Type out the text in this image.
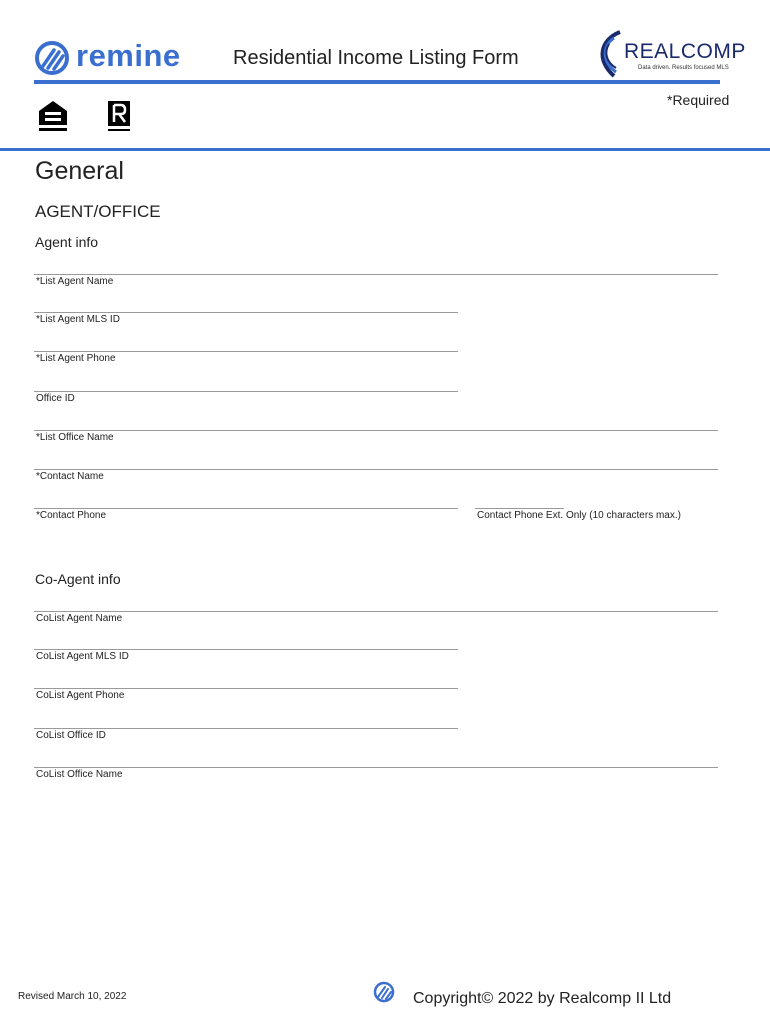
remine	Residential Income Listing Form	REALCOMP
Data driven. Results focused MLS
*Required
General
AGENT/OFFICE
Agent info
*List Agent Name
*List Agent MLS ID
*List Agent Phone
Office ID
*List Office Name
*Contact Name
*Contact Phone	Contact Phone Ext. Only (10 characters max.)
Co-Agent info
CoList Agent Name
CoList Agent MLS ID
CoList Agent Phone
CoList Office ID
CoList Office Name
Revised March 10, 2022	Copyright© 2022 by Realcomp II Ltd
